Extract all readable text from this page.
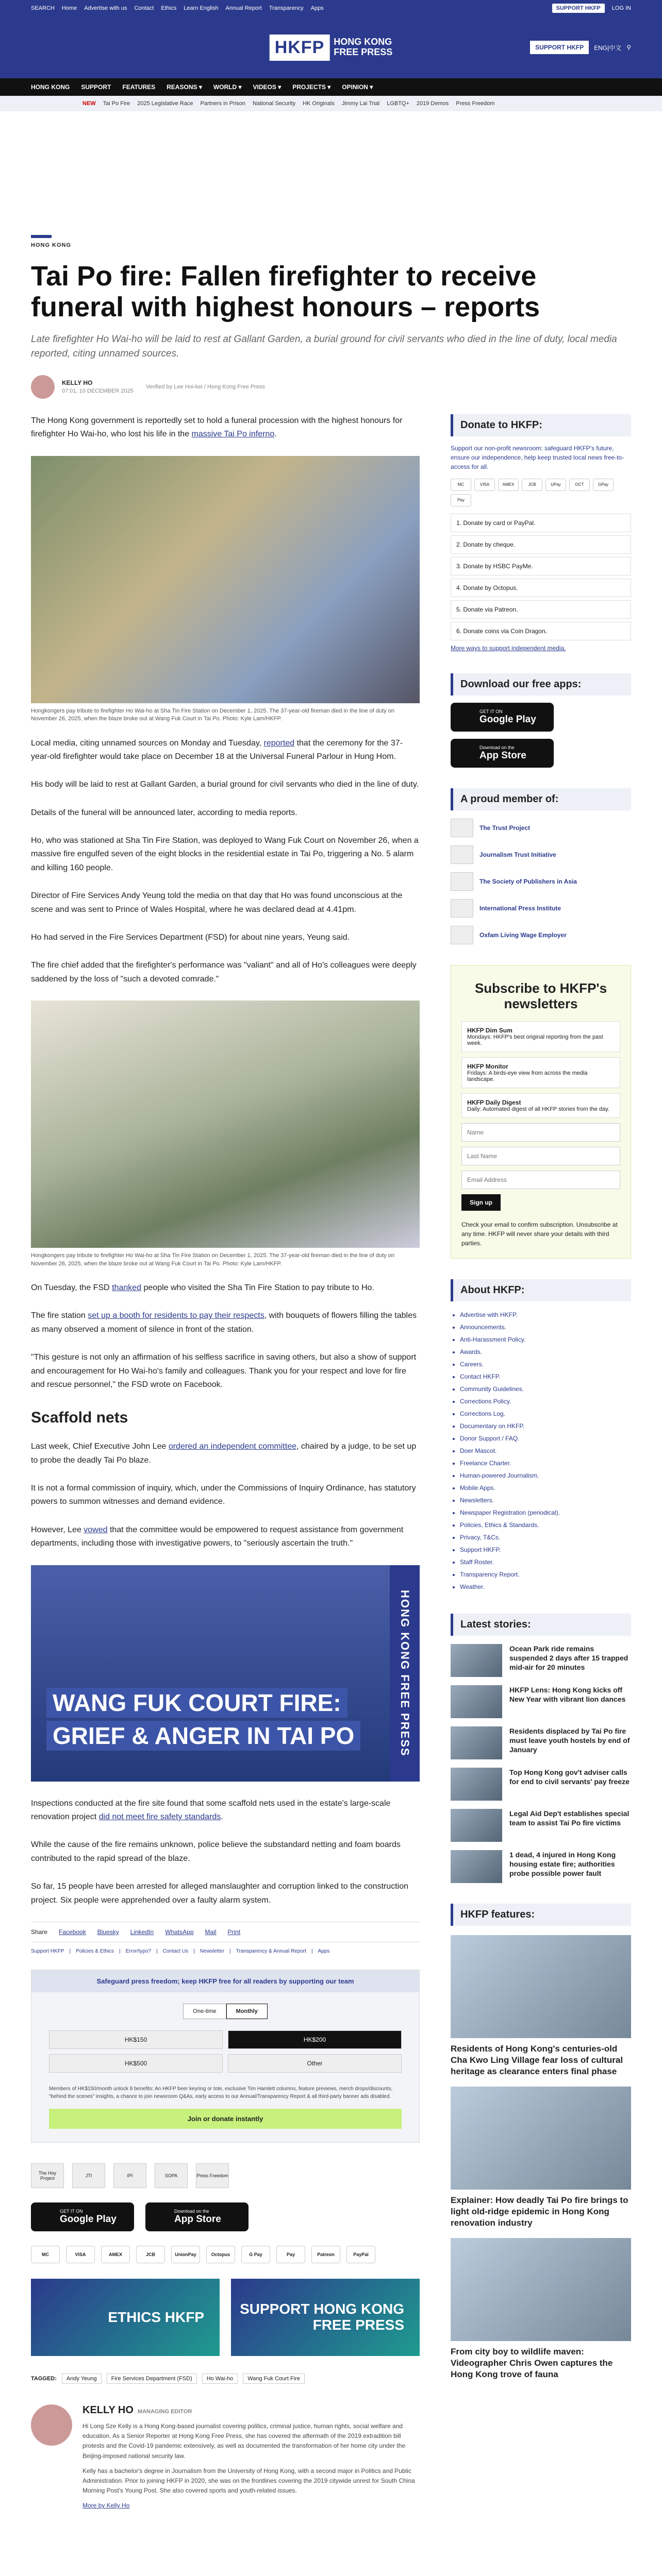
SEARCH Home Advertise with us Contact Ethics Learn English Annual Report Transparency Apps	SUPPORT HKFP	LOG IN
HKFP	HONG KONG
FREE PRESS	SUPPORT HKFP	ENG|中文 ⚲
HONG KONG SUPPORT FEATURES REASONS ▾ WORLD ▾ VIDEOS ▾ PROJECTS ▾ OPINION ▾
NEW Tai Po Fire 2025 Legislative Race Partners in Prison National Security HK Originals Jimmy Lai Trial LGBTQ+ 2019 Demos Press Freedom
HONG KONG
Tai Po fire: Fallen firefighter to receive funeral with highest honours – reports

Late firefighter Ho Wai-ho will be laid to rest at Gallant Garden, a burial ground for civil servants who died in the line of duty, local media reported, citing unnamed sources.

KELLY HO
07:01, 10 DECEMBER 2025
Verified by Lee Hoi-kei / Hong Kong Free Press

The Hong Kong government is reportedly set to hold a funeral procession with the highest honours for firefighter Ho Wai-ho, who lost his life in the massive Tai Po inferno.

Hongkongers pay tribute to firefighter Ho Wai-ho at Sha Tin Fire Station on December 1, 2025. The 37-year-old fireman died in the line of duty on November 26, 2025, when the blaze broke out at Wang Fuk Court in Tai Po. Photo: Kyle Lam/HKFP.

Local media, citing unnamed sources on Monday and Tuesday, reported that the ceremony for the 37-year-old firefighter would take place on December 18 at the Universal Funeral Parlour in Hung Hom.

His body will be laid to rest at Gallant Garden, a burial ground for civil servants who died in the line of duty.

Details of the funeral will be announced later, according to media reports.

Ho, who was stationed at Sha Tin Fire Station, was deployed to Wang Fuk Court on November 26, when a massive fire engulfed seven of the eight blocks in the residential estate in Tai Po, triggering a No. 5 alarm and killing 160 people.

Director of Fire Services Andy Yeung told the media on that day that Ho was found unconscious at the scene and was sent to Prince of Wales Hospital, where he was declared dead at 4.41pm.

Ho had served in the Fire Services Department (FSD) for about nine years, Yeung said.

The fire chief added that the firefighter's performance was "valiant" and all of Ho's colleagues were deeply saddened by the loss of "such a devoted comrade."

Hongkongers pay tribute to firefighter Ho Wai-ho at Sha Tin Fire Station on December 1, 2025. The 37-year-old fireman died in the line of duty on November 26, 2025, when the blaze broke out at Wang Fuk Court in Tai Po. Photo: Kyle Lam/HKFP.

On Tuesday, the FSD thanked people who visited the Sha Tin Fire Station to pay tribute to Ho.

The fire station set up a booth for residents to pay their respects, with bouquets of flowers filling the tables as many observed a moment of silence in front of the station.

"This gesture is not only an affirmation of his selfless sacrifice in saving others, but also a show of support and encouragement for Ho Wai-ho's family and colleagues. Thank you for your respect and love for fire and rescue personnel," the FSD wrote on Facebook.

Scaffold nets

Last week, Chief Executive John Lee ordered an independent committee, chaired by a judge, to be set up to probe the deadly Tai Po blaze.

It is not a formal commission of inquiry, which, under the Commissions of Inquiry Ordinance, has statutory powers to summon witnesses and demand evidence.

However, Lee vowed that the committee would be empowered to request assistance from government departments, including those with investigative powers, to "seriously ascertain the truth."

HONG KONG FREE PRESS
WANG FUK COURT FIRE:
GRIEF & ANGER IN TAI PO

Inspections conducted at the fire site found that some scaffold nets used in the estate's large-scale renovation project did not meet fire safety standards.

While the cause of the fire remains unknown, police believe the substandard netting and foam boards contributed to the rapid spread of the blaze.

So far, 15 people have been arrested for alleged manslaughter and corruption linked to the construction project. Six people were apprehended over a faulty alarm system.

Share Facebook Bluesky LinkedIn WhatsApp Mail Print
Support HKFP | Policies & Ethics | Error/typo? | Contact Us | Newsletter | Transparency & Annual Report | Apps
Safeguard press freedom; keep HKFP free for all readers by supporting our team
One-time	Monthly
HK$150	HK$200
HK$500	Other
Members of HK$150/month unlock 8 benefits: An HKFP beer keyring or tote, exclusive Tim Hamlett columns, feature previews, merch drops/discounts, "behind the scenes" insights, a chance to join newsroom Q&As, early access to our Annual/Transparency Report & all third-party banner ads disabled.
Join or donate instantly
The Hoy Project	JTI	IPI	SOPA	Press Freedom
GET IT ON
Google Play
Download on the
App Store
MC	VISA	AMEX	JCB	UnionPay	Octopus	G Pay	Pay	Patreon	PayPal
ETHICS HKFP	SUPPORT HONG KONG FREE PRESS
TAGGED:	Andy Yeung	Fire Services Department (FSD)	Ho Wai-ho	Wang Fuk Court Fire
KELLY HO MANAGING EDITOR

Hi Long Sze Kelly is a Hong Kong-based journalist covering politics, criminal justice, human rights, social welfare and education. As a Senior Reporter at Hong Kong Free Press, she has covered the aftermath of the 2019 extradition bill protests and the Covid-19 pandemic extensively, as well as documented the transformation of her home city under the Beijing-imposed national security law.

Kelly has a bachelor's degree in Journalism from the University of Hong Kong, with a second major in Politics and Public Administration. Prior to joining HKFP in 2020, she was on the frontlines covering the 2019 citywide unrest for South China Morning Post's Young Post. She also covered sports and youth-related issues.

More by Kelly Ho
Donate to HKFP:
Support our non-profit newsroom: safeguard HKFP's future, ensure our independence, help keep trusted local news free-to-access for all.
MC	VISA	AMEX	JCB	UPay	OCT	GPay
Pay
1. Donate by card or PayPal.
2. Donate by cheque.
3. Donate by HSBC PayMe.
4. Donate by Octopus.
5. Donate via Patreon.
6. Donate coins via Coin Dragon.
More ways to support independent media.
Download our free apps:
GET IT ON
Google Play
Download on the
App Store
A proud member of:
The Trust Project
Journalism Trust Initiative
The Society of Publishers in Asia
International Press Institute
Oxfam Living Wage Employer
Subscribe to HKFP's newsletters
HKFP Dim Sum
Mondays: HKFP's best original reporting from the past week.
HKFP Monitor
Fridays: A birds-eye view from across the media landscape.
HKFP Daily Digest
Daily: Automated digest of all HKFP stories from the day.
Name Last Name Email Address Sign up
Check your email to confirm subscription. Unsubscribe at any time. HKFP will never share your details with third parties.
About HKFP:
• Advertise with HKFP.
• Announcements.
• Anti-Harassment Policy.
• Awards.
• Careers.
• Contact HKFP.
• Community Guidelines.
• Corrections Policy.
• Corrections Log.
• Documentary on HKFP.
• Donor Support / FAQ.
• Doer Mascot.
• Freelance Charter.
• Human-powered Journalism.
• Mobile Apps.
• Newsletters.
• Newspaper Registration (periodical).
• Policies, Ethics & Standards.
• Privacy, T&Cs.
• Support HKFP.
• Staff Roster.
• Transparency Report.
• Weather.
Latest stories:
Ocean Park ride remains suspended 2 days after 15 trapped mid-air for 20 minutes
HKFP Lens: Hong Kong kicks off New Year with vibrant lion dances
Residents displaced by Tai Po fire must leave youth hostels by end of January
Top Hong Kong gov't adviser calls for end to civil servants' pay freeze
Legal Aid Dep't establishes special team to assist Tai Po fire victims
1 dead, 4 injured in Hong Kong housing estate fire; authorities probe possible power fault
HKFP features:
Residents of Hong Kong's centuries-old Cha Kwo Ling Village fear loss of cultural heritage as clearance enters final phase
Explainer: How deadly Tai Po fire brings to light old-ridge epidemic in Hong Kong renovation industry
From city boy to wildlife maven: Videographer Chris Owen captures the Hong Kong trove of fauna
